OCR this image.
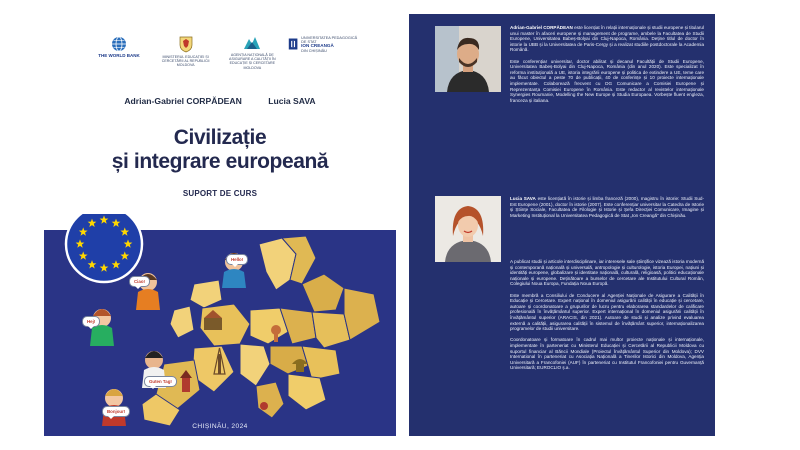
THE WORLD BANK	MINISTERUL EDUCAȚIEI ȘI CERCETĂRII AL REPUBLICII MOLDOVA
AGENȚIA NAȚIONALĂ DE ASIGURARE A CALITĂȚII ÎN EDUCAȚIE ȘI CERCETARE MOLDOVA
UNIVERSITATEA PEDAGOGICĂ DE STAT
ION CREANGĂ
DIN CHIȘINĂU
Adrian-Gabriel CORPĂDEAN	Lucia SAVA
Civilizație
și integrare europeană
SUPORT DE CURS
Hello!
Ciao!
Hej!
Guten Tag!
Bonjour!
CHIȘINĂU, 2024

Adrian-Gabriel CORPĂDEAN este licențiat în relații internaționale și studii europene și titularul unui master în afaceri europene și management de programe, ambele la Facultatea de Studii Europene, Universitatea Babeș-Bolyai din Cluj-Napoca, România. Deține titlul de doctor în istorie la UBB și la Universitatea de Paris-Cergy și a realizat studiile postdoctorale la Academia Română.

Este conferențiar universitar, doctor abilitat și decanul Facultății de Studii Europene, Universitatea Babeș-Bolyai din Cluj-Napoca, România (din anul 2020). Este specializat în reforma instituțională a UE, istoria integrării europene și politica de extindere a UE, teme care au făcut obiectul a peste 70 de publicații, 40 de conferințe și 10 proiecte internaționale implementate. Colaborează frecvent cu DG Comunicare a Comisiei Europene și Reprezentanța Comisiei Europene în România. Este redactor al revistelor internaționale Synergies Roumanie, Modelling the New Europe și Studia Europaea. Vorbește fluent engleza, franceza și italiana.

Lucia SAVA este licențiată în istorie și limba franceză (2000), magistru în istorie: Studii Sud-Est Europene (2001), doctor în istorie (2007). Este conferențiar universitar la Catedra de Istorie și Științe Sociale, Facultatea de Filologie și Istorie și Șefa Direcției Comunicare, Imagine și Marketing Instituțional la Universitatea Pedagogică de Stat „Ion Creangă” din Chișinău.

A publicat studii și articole interdisciplinare, iar interesele sale științifice vizează istoria modernă și contemporană națională și universală, antropologie și culturologie, istoria Europei, națiuni și identități europene, globalizare și identitate națională, culturală, religioasă, politici educaționale naționale și europene. Deținătoare a burselor de cercetare ale Institutului Cultural Român, Colegiului Noua Europa, Fundația Noua Europă.

Este membră a Consiliului de Conducere al Agenției Naționale de Asigurare a Calității în Educație și Cercetare. Expert național în domeniul asigurării calității în educație și cercetare, autoare și coordonatoare a grupurilor de lucru pentru elaborarea standardelor de calificare profesională în învățământul superior. Expert internațional în domeniul asigurării calității în învățământul superior (ARACIS, din 2021). Autoare de studii și analize privind evaluarea externă a calității, asigurarea calității în sistemul de învățământ superior, internaționalizarea programelor de studii universitare.

Coordonatoare și formatoare în cadrul mai multor proiecte naționale și internaționale, implementate în parteneriat cu Ministerul Educației și Cercetării al Republicii Moldova cu suportul financiar al Băncii Mondiale (Proiectul Învățământul Superior din Moldova); DVV International în parteneriat cu Asociația Națională a Tinerilor Istorici din Moldova, Agenția Universitară a Francofoniei (AUF) în parteneriat cu Institutul Francofoniei pentru Guvernanță Universitară; EUROCLIO ș.a.
